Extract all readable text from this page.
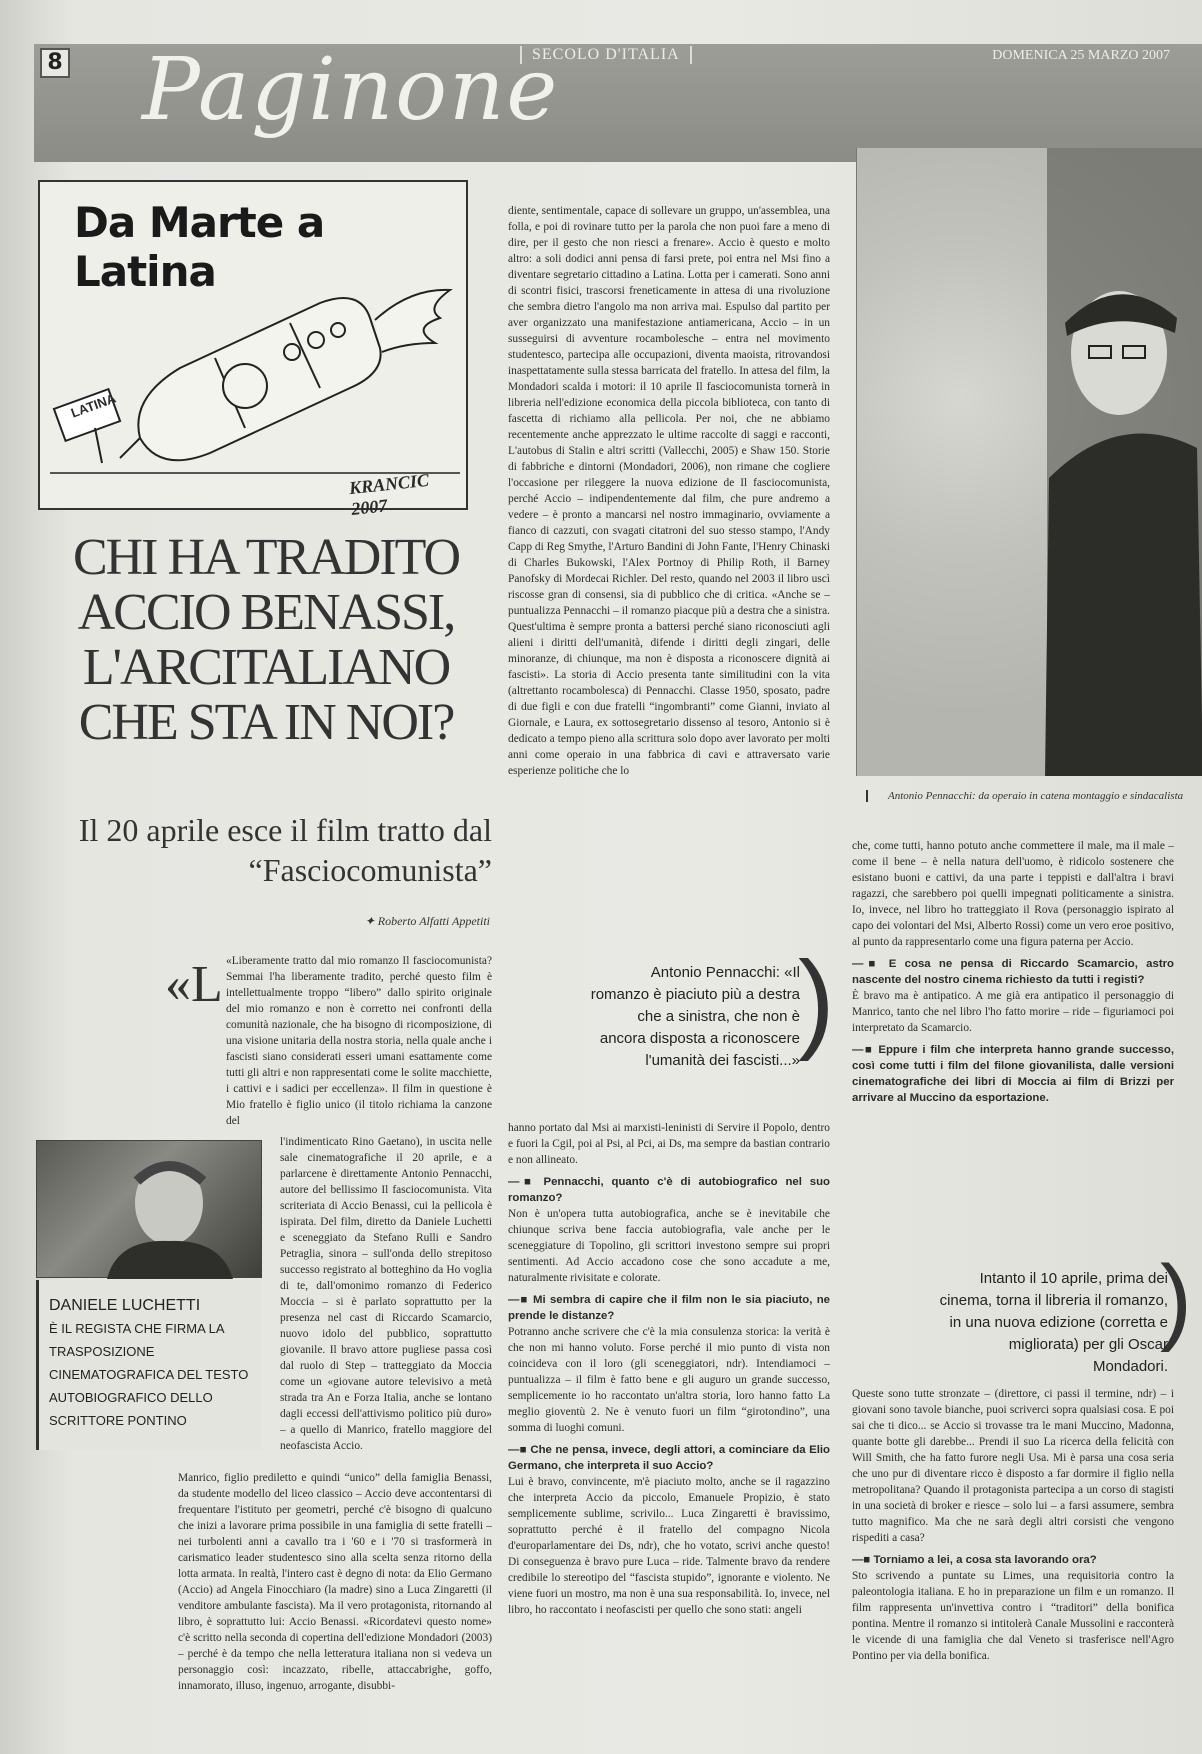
8 Paginone
SECOLO D'ITALIA	DOMENICA 25 MARZO 2007
Da Marte a Latina
LATINA
KRANCIC 2007
CHI HA TRADITO ACCIO BENASSI, L'ARCITALIANO CHE STA IN NOI?
Il 20 aprile esce il film tratto dal “Fasciocomunista”
✦ Roberto Alfatti Appetiti
«L «Liberamente tratto dal mio romanzo Il fasciocomunista? Semmai l'ha liberamente tradito, perché questo film è intellettualmente troppo “libero” dallo spirito originale del mio romanzo e non è corretto nei confronti della comunità nazionale, che ha bisogno di ricomposizione, di una visione unitaria della nostra storia, nella quale anche i fascisti siano considerati esseri umani esattamente come tutti gli altri e non rappresentati come le solite macchiette, i cattivi e i sadici per eccellenza». Il film in questione è Mio fratello è figlio unico (il titolo richiama la canzone del

l'indimenticato Rino Gaetano), in uscita nelle sale cinematografiche il 20 aprile, e a parlarcene è direttamente Antonio Pennacchi, autore del bellissimo Il fasciocomunista. Vita scriteriata di Accio Benassi, cui la pellicola è ispirata. Del film, diretto da Daniele Luchetti e sceneggiato da Stefano Rulli e Sandro Petraglia, sinora – sull'onda dello strepitoso successo registrato al botteghino da Ho voglia di te, dall'omonimo romanzo di Federico Moccia – si è parlato soprattutto per la presenza nel cast di Riccardo Scamarcio, nuovo idolo del pubblico, soprattutto giovanile. Il bravo attore pugliese passa così dal ruolo di Step – tratteggiato da Moccia come un «giovane autore televisivo a metà strada tra An e Forza Italia, anche se lontano dagli eccessi dell'attivismo politico più duro» – a quello di Manrico, fratello maggiore del neofascista Accio.

Manrico, figlio prediletto e quindi “unico” della famiglia Benassi, da studente modello del liceo classico – Accio deve accontentarsi di frequentare l'istituto per geometri, perché c'è bisogno di qualcuno che inizi a lavorare prima possibile in una famiglia di sette fratelli – nei turbolenti anni a cavallo tra i '60 e i '70 si trasformerà in carismatico leader studentesco sino alla scelta senza ritorno della lotta armata. In realtà, l'intero cast è degno di nota: da Elio Germano (Accio) ad Angela Finocchiaro (la madre) sino a Luca Zingaretti (il venditore ambulante fascista). Ma il vero protagonista, ritornando al libro, è soprattutto lui: Accio Benassi. «Ricordatevi questo nome» c'è scritto nella seconda di copertina dell'edizione Mondadori (2003) – perché è da tempo che nella letteratura italiana non si vedeva un personaggio così: incazzato, ribelle, attaccabrighe, goffo, innamorato, illuso, ingenuo, arrogante, disubbi-

DANIELE LUCHETTI
È IL REGISTA CHE FIRMA LA TRASPOSIZIONE CINEMATOGRAFICA DEL TESTO AUTOBIOGRAFICO DELLO SCRITTORE PONTINO

diente, sentimentale, capace di sollevare un gruppo, un'assemblea, una folla, e poi di rovinare tutto per la parola che non puoi fare a meno di dire, per il gesto che non riesci a frenare». Accio è questo e molto altro: a soli dodici anni pensa di farsi prete, poi entra nel Msi fino a diventare segretario cittadino a Latina. Lotta per i camerati. Sono anni di scontri fisici, trascorsi freneticamente in attesa di una rivoluzione che sembra dietro l'angolo ma non arriva mai. Espulso dal partito per aver organizzato una manifestazione antiamericana, Accio – in un susseguirsi di avventure rocambolesche – entra nel movimento studentesco, partecipa alle occupazioni, diventa maoista, ritrovandosi inaspettatamente sulla stessa barricata del fratello. In attesa del film, la Mondadori scalda i motori: il 10 aprile Il fasciocomunista tornerà in libreria nell'edizione economica della piccola biblioteca, con tanto di fascetta di richiamo alla pellicola. Per noi, che ne abbiamo recentemente anche apprezzato le ultime raccolte di saggi e racconti, L'autobus di Stalin e altri scritti (Vallecchi, 2005) e Shaw 150. Storie di fabbriche e dintorni (Mondadori, 2006), non rimane che cogliere l'occasione per rileggere la nuova edizione de Il fasciocomunista, perché Accio – indipendentemente dal film, che pure andremo a vedere – è pronto a mancarsi nel nostro immaginario, ovviamente a fianco di cazzuti, con svagati citatroni del suo stesso stampo, l'Andy Capp di Reg Smythe, l'Arturo Bandini di John Fante, l'Henry Chinaski di Charles Bukowski, l'Alex Portnoy di Philip Roth, il Barney Panofsky di Mordecai Richler. Del resto, quando nel 2003 il libro uscì riscosse gran di consensi, sia di pubblico che di critica. «Anche se – puntualizza Pennacchi – il romanzo piacque più a destra che a sinistra. Quest'ultima è sempre pronta a battersi perché siano riconosciuti agli alieni i diritti dell'umanità, difende i diritti degli zingari, delle minoranze, di chiunque, ma non è disposta a riconoscere dignità ai fascisti». La storia di Accio presenta tante similitudini con la vita (altrettanto rocambolesca) di Pennacchi. Classe 1950, sposato, padre di due figli e con due fratelli “ingombranti” come Gianni, inviato al Giornale, e Laura, ex sottosegretario dissenso al tesoro, Antonio si è dedicato a tempo pieno alla scrittura solo dopo aver lavorato per molti anni come operaio in una fabbrica di cavi e attraversato varie esperienze politiche che lo

Antonio Pennacchi: da operaio in catena montaggio e sindacalista
)
Antonio Pennacchi: «Il romanzo è piaciuto più a destra che a sinistra, che non è ancora disposta a riconoscere l'umanità dei fascisti...»

hanno portato dal Msi ai marxisti-leninisti di Servire il Popolo, dentro e fuori la Cgil, poi al Psi, al Pci, ai Ds, ma sempre da bastian contrario e non allineato.

—■ Pennacchi, quanto c'è di autobiografico nel suo romanzo?

Non è un'opera tutta autobiografica, anche se è inevitabile che chiunque scriva bene faccia autobiografia, vale anche per le sceneggiature di Topolino, gli scrittori investono sempre sui propri sentimenti. Ad Accio accadono cose che sono accadute a me, naturalmente rivisitate e colorate.

—■ Mi sembra di capire che il film non le sia piaciuto, ne prende le distanze?

Potranno anche scrivere che c'è la mia consulenza storica: la verità è che non mi hanno voluto. Forse perché il mio punto di vista non coincideva con il loro (gli sceneggiatori, ndr). Intendiamoci – puntualizza – il film è fatto bene e gli auguro un grande successo, semplicemente io ho raccontato un'altra storia, loro hanno fatto La meglio gioventù 2. Ne è venuto fuori un film “girotondino”, una somma di luoghi comuni.

—■ Che ne pensa, invece, degli attori, a cominciare da Elio Germano, che interpreta il suo Accio?

Lui è bravo, convincente, m'è piaciuto molto, anche se il ragazzino che interpreta Accio da piccolo, Emanuele Propizio, è stato semplicemente sublime, scrivilo... Luca Zingaretti è bravissimo, soprattutto perché è il fratello del compagno Nicola d'europarlamentare dei Ds, ndr), che ho votato, scrivi anche questo! Di conseguenza è bravo pure Luca – ride. Talmente bravo da rendere credibile lo stereotipo del “fascista stupido”, ignorante e violento. Ne viene fuori un mostro, ma non è una sua responsabilità. Io, invece, nel libro, ho raccontato i neofascisti per quello che sono stati: angeli

che, come tutti, hanno potuto anche commettere il male, ma il male – come il bene – è nella natura dell'uomo, è ridicolo sostenere che esistano buoni e cattivi, da una parte i teppisti e dall'altra i bravi ragazzi, che sarebbero poi quelli impegnati politicamente a sinistra. Io, invece, nel libro ho tratteggiato il Rova (personaggio ispirato al capo dei volontari del Msi, Alberto Rossi) come un vero eroe positivo, al punto da rappresentarlo come una figura paterna per Accio.

—■ E cosa ne pensa di Riccardo Scamarcio, astro nascente del nostro cinema richiesto da tutti i registi?

È bravo ma è antipatico. A me già era antipatico il personaggio di Manrico, tanto che nel libro l'ho fatto morire – ride – figuriamoci poi interpretato da Scamarcio.

—■ Eppure i film che interpreta hanno grande successo, così come tutti i film del filone giovanilista, dalle versioni cinematografiche dei libri di Moccia ai film di Brizzi per arrivare al Muccino da esportazione.

)
Intanto il 10 aprile, prima dei cinema, torna il libreria il romanzo, in una nuova edizione (corretta e migliorata) per gli Oscar Mondadori.

Queste sono tutte stronzate – (direttore, ci passi il termine, ndr) – i giovani sono tavole bianche, puoi scriverci sopra qualsiasi cosa. E poi sai che ti dico... se Accio si trovasse tra le mani Muccino, Madonna, quante botte gli darebbe... Prendi il suo La ricerca della felicità con Will Smith, che ha fatto furore negli Usa. Mi è parsa una cosa seria che uno pur di diventare ricco è disposto a far dormire il figlio nella metropolitana? Quando il protagonista partecipa a un corso di stagisti in una società di broker e riesce – solo lui – a farsi assumere, sembra tutto magnifico. Ma che ne sarà degli altri corsisti che vengono rispediti a casa?

—■ Torniamo a lei, a cosa sta lavorando ora?

Sto scrivendo a puntate su Limes, una requisitoria contro la paleontologia italiana. E ho in preparazione un film e un romanzo. Il film rappresenta un'invettiva contro i “traditori” della bonifica pontina. Mentre il romanzo si intitolerà Canale Mussolini e racconterà le vicende di una famiglia che dal Veneto si trasferisce nell'Agro Pontino per via della bonifica.
